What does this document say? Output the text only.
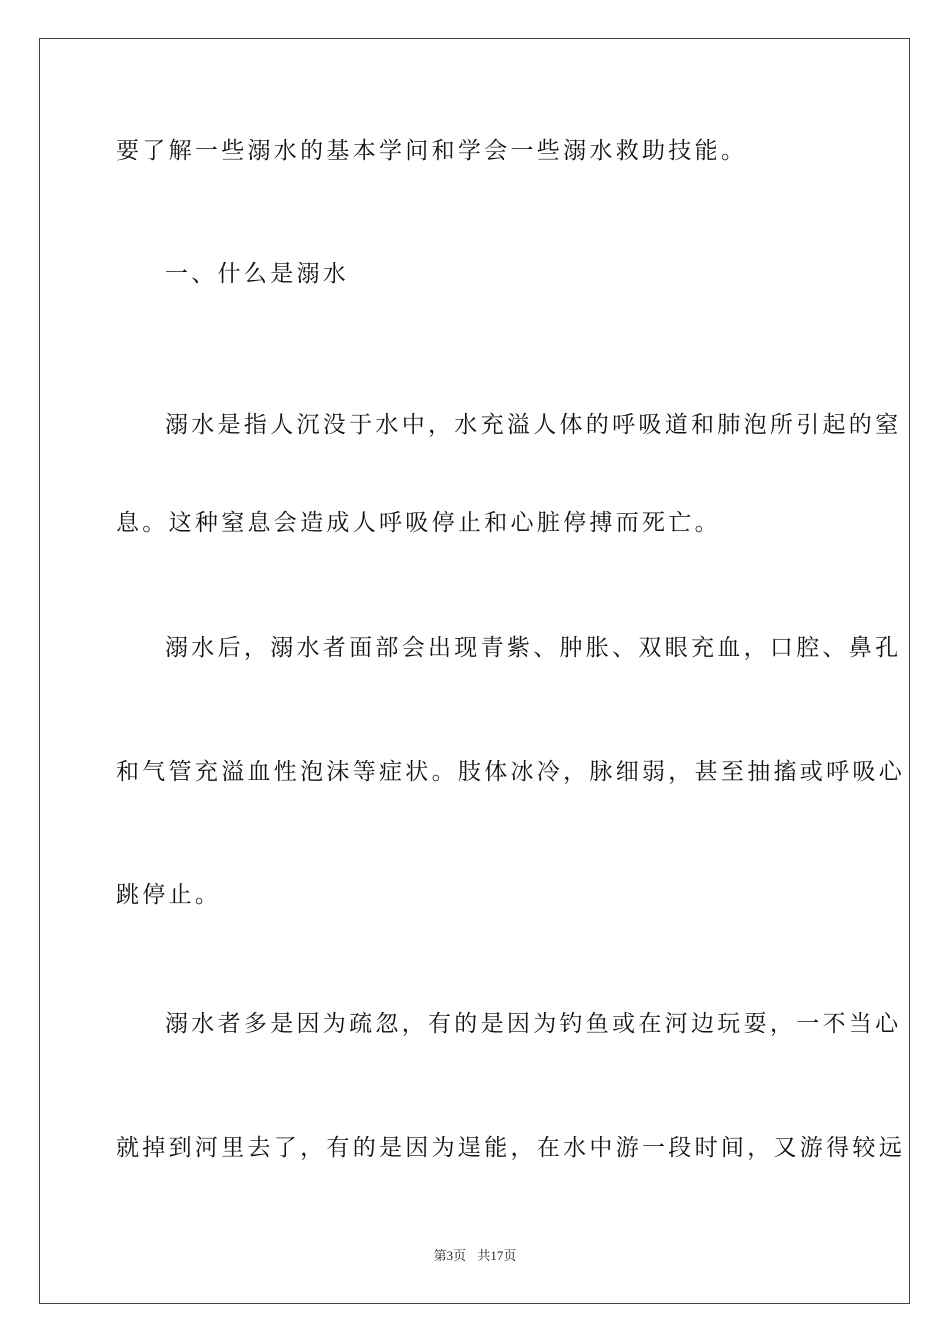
要了解一些溺水的基本学问和学会一些溺水救助技能。
一、什么是溺水
溺水是指人沉没于水中，水充溢人体的呼吸道和肺泡所引起的窒
息。这种窒息会造成人呼吸停止和心脏停搏而死亡。
溺水后，溺水者面部会出现青紫、肿胀、双眼充血，口腔、鼻孔
和气管充溢血性泡沫等症状。肢体冰冷，脉细弱，甚至抽搐或呼吸心
跳停止。
溺水者多是因为疏忽，有的是因为钓鱼或在河边玩耍，一不当心
就掉到河里去了，有的是因为逞能，在水中游一段时间，又游得较远
第3页 共17页
